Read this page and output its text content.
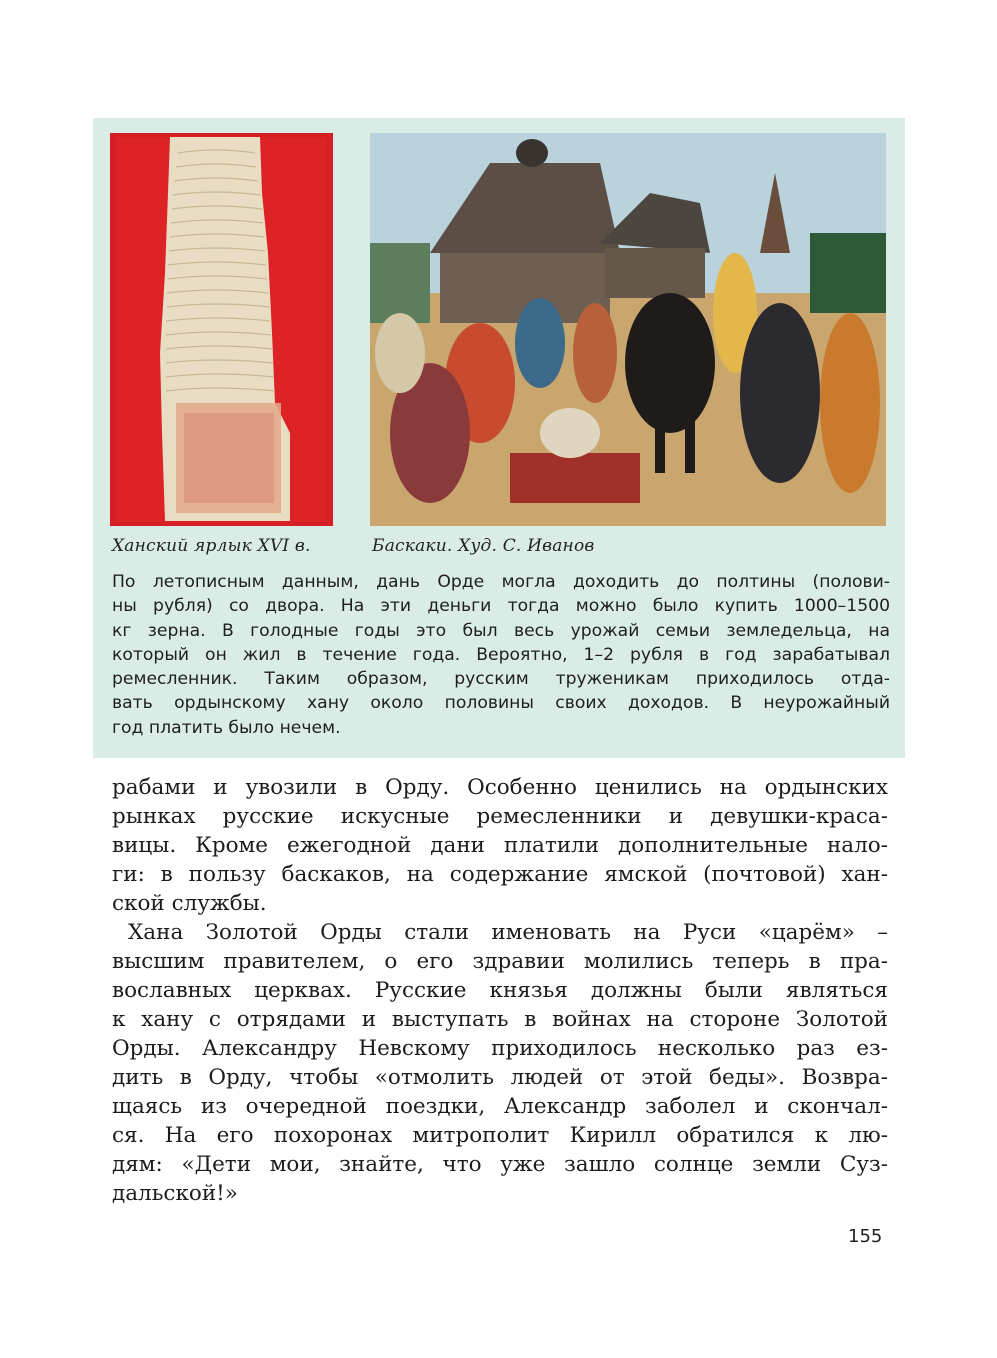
Ханский ярлык XVI в.	Баскаки. Худ. С. Иванов
По летописным данным, дань Орде могла доходить до полтины (полови-
ны рубля) со двора. На эти деньги тогда можно было купить 1000–1500
кг зерна. В голодные годы это был весь урожай семьи земледельца, на
который он жил в течение года. Вероятно, 1–2 рубля в год зарабатывал
ремесленник. Таким образом, русским труженикам приходилось отда-
вать ордынскому хану около половины своих доходов. В неурожайный
год платить было нечем.
рабами и увозили в Орду. Особенно ценились на ордынских
рынках русские искусные ремесленники и девушки-краса-
вицы. Кроме ежегодной дани платили дополнительные нало-
ги: в пользу баскаков, на содержание ямской (почтовой) хан-
ской службы.
Хана Золотой Орды стали именовать на Руси «царём» –
высшим правителем, о его здравии молились теперь в пра-
вославных церквах. Русские князья должны были являться
к хану с отрядами и выступать в войнах на стороне Золотой
Орды. Александру Невскому приходилось несколько раз ез-
дить в Орду, чтобы «отмолить людей от этой беды». Возвра-
щаясь из очередной поездки, Александр заболел и скончал-
ся. На его похоронах митрополит Кирилл обратился к лю-
дям: «Дети мои, знайте, что уже зашло солнце земли Суз-
дальской!»
155
